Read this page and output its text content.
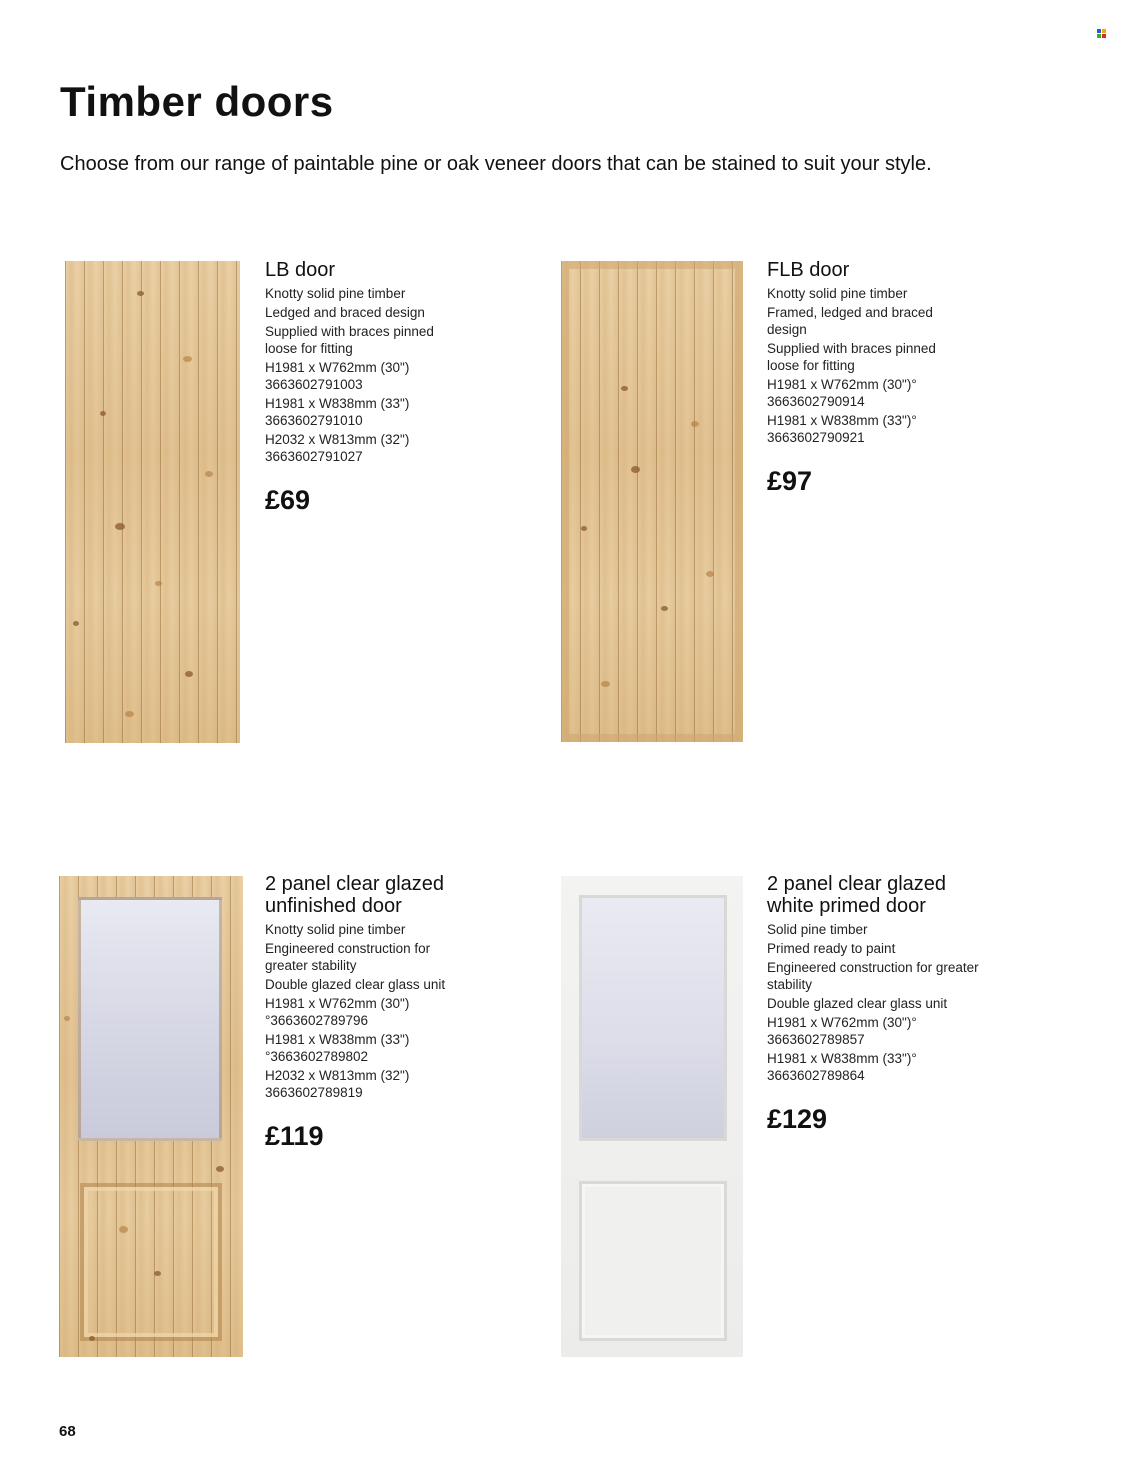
Timber doors

Choose from our range of paintable pine or oak veneer doors that can be stained to suit your style.

LB door
Knotty solid pine timber
Ledged and braced design
Supplied with braces pinned loose for fitting
H1981 x W762mm (30") 3663602791003
H1981 x W838mm (33") 3663602791010
H2032 x W813mm (32") 3663602791027
£69
FLB door
Knotty solid pine timber
Framed, ledged and braced design
Supplied with braces pinned loose for fitting
H1981 x W762mm (30")° 3663602790914
H1981 x W838mm (33")° 3663602790921
£97
2 panel clear glazed
unfinished door
Knotty solid pine timber
Engineered construction for greater stability
Double glazed clear glass unit
H1981 x W762mm (30") °3663602789796
H1981 x W838mm (33") °3663602789802
H2032 x W813mm (32") 3663602789819
£119
2 panel clear glazed
white primed door
Solid pine timber
Primed ready to paint
Engineered construction for greater stability
Double glazed clear glass unit
H1981 x W762mm (30")° 3663602789857
H1981 x W838mm (33")° 3663602789864
£129
68
